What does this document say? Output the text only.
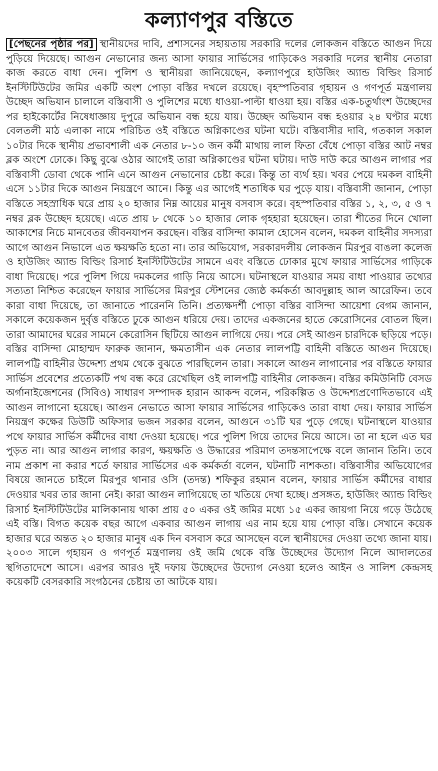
কল্যাণপুর বস্তিতে

[পেছনের পৃষ্ঠার পর] স্থানীয়দের দাবি, প্রশাসনের সহায়তায় সরকারি দলের লোকজন বস্তিতে আগুন দিয়ে পুড়িয়ে দিয়েছে। আগুন নেভানোর জন্য আসা ফায়ার সার্ভিসের গাড়িকেও সরকারি দলের স্থানীয় নেতারা কাজ করতে বাধা দেন। পুলিশ ও স্থানীয়রা জানিয়েছেন, কল্যাণপুরে হাউজিং অ্যান্ড বিল্ডিং রিসার্চ ইনস্টিটিউটের জমির একটি অংশ পোড়া বস্তির দখলে রয়েছে। বৃহস্পতিবার গৃহায়ন ও গণপূর্ত মন্ত্রণালয় উচ্ছেদ অভিযান চালালে বস্তিবাসী ও পুলিশের মধ্যে ধাওয়া-পাল্টা ধাওয়া হয়। বস্তির এক-চতুর্থাংশ উচ্ছেদের পর হাইকোর্টের নিষেধাজ্ঞায় দুপুরে অভিযান বন্ধ হয়ে যায়। উচ্ছেদ অভিযান বন্ধ হওয়ার ২৪ ঘণ্টার মধ্যে বেলতলী মাঠ এলাকা নামে পরিচিত ওই বস্তিতে অগ্নিকাণ্ডের ঘটনা ঘটে। বস্তিবাসীর দাবি, গতকাল সকাল ১০টার দিকে স্থানীয় প্রভাবশালী এক নেতার ৮-১০ জন কর্মী মাথায় লাল ফিতা বেঁধে পোড়া বস্তির আট নম্বর ব্লক অংশে ঢোকে। কিছু বুঝে ওঠার আগেই তারা অগ্নিকাণ্ডের ঘটনা ঘটায়। দাউ দাউ করে আগুন লাগার পর বস্তিবাসী ডোবা থেকে পানি এনে আগুন নেভানোর চেষ্টা করে। কিন্তু তা ব্যর্থ হয়। খবর পেয়ে দমকল বাহিনী এসে ১১টার দিকে আগুন নিয়ন্ত্রণে আনে। কিন্তু এর আগেই শতাধিক ঘর পুড়ে যায়। বস্তিবাসী জানান, পোড়া বস্তিতে সহস্রাধিক ঘরে প্রায় ২০ হাজার নিম্ন আয়ের মানুষ বসবাস করে। বৃহস্পতিবার বস্তির ১, ২, ৩, ৫ ও ৭ নম্বর ব্লক উচ্ছেদ হয়েছে। এতে প্রায় ৮ থেকে ১০ হাজার লোক গৃহহারা হয়েছেন। তারা শীতের দিনে খোলা আকাশের নিচে মানবেতর জীবনযাপন করছেন। বস্তির বাসিন্দা কামাল হোসেন বলেন, দমকল বাহিনীর সদস্যরা আগে আগুন নিভালে এত ক্ষয়ক্ষতি হতো না। তার অভিযোগ, সরকারদলীয় লোকজন মিরপুর বাঙলা কলেজ ও হাউজিং অ্যান্ড বিল্ডিং রিসার্চ ইনস্টিটিউটের সামনে এবং বস্তিতে ঢোকার মুখে ফায়ার সার্ভিসের গাড়িকে বাধা দিয়েছে। পরে পুলিশ গিয়ে দমকলের গাড়ি নিয়ে আসে। ঘটনাস্থলে যাওয়ার সময় বাধা পাওয়ার তথ্যের সত্যতা নিশ্চিত করেছেন ফায়ার সার্ভিসের মিরপুর স্টেশনের জ্যেষ্ঠ কর্মকর্তা আবদুল্লাহ আল আরেফিন। তবে কারা বাধা দিয়েছে, তা জানাতে পারেননি তিনি। প্রত্যক্ষদর্শী পোড়া বস্তির বাসিন্দা আয়েশা বেগম জানান, সকালে কয়েকজন দুর্বৃত্ত বস্তিতে ঢুকে আগুন ধরিয়ে দেয়। তাদের একজনের হাতে কেরোসিনের বোতল ছিল। তারা আমাদের ঘরের সামনে কেরোসিন ছিটিয়ে আগুন লাগিয়ে দেয়। পরে সেই আগুন চারদিকে ছড়িয়ে পড়ে। বস্তির বাসিন্দা মোহাম্মদ ফারুক জানান, ক্ষমতাসীন এক নেতার লালপট্টি বাহিনী বস্তিতে আগুন দিয়েছে। লালপট্টি বাহিনীর উদ্দেশ্য প্রথম থেকে বুঝতে পারছিলেন তারা। সকালে আগুন লাগানোর পর বস্তিতে ফায়ার সার্ভিস প্রবেশের প্রত্যেকটি পথ বন্ধ করে রেখেছিল ওই লালপট্টি বাহিনীর লোকজন। বস্তির কমিউনিটি বেসড অর্গানাইজেশনের (সিবিও) সাধারণ সম্পাদক হারান আকন্দ বলেন, পরিকল্পিত ও উদ্দেশ্যপ্রণোদিতভাবে এই আগুন লাগানো হয়েছে। আগুন নেভাতে আসা ফায়ার সার্ভিসের গাড়িকেও তারা বাধা দেয়। ফায়ার সার্ভিস নিয়ন্ত্রণ কক্ষের ডিউটি অফিসার ভজন সরকার বলেন, আগুনে ৩১টি ঘর পুড়ে গেছে। ঘটনাস্থলে যাওয়ার পথে ফায়ার সার্ভিস কর্মীদের বাধা দেওয়া হয়েছে। পরে পুলিশ গিয়ে তাদের নিয়ে আসে। তা না হলে এত ঘর পুড়ত না। আর আগুন লাগার কারণ, ক্ষয়ক্ষতি ও উদ্ধারের পরিমাণ তদন্তসাপেক্ষে বলে জানান তিনি। তবে নাম প্রকাশ না করার শর্তে ফায়ার সার্ভিসের এক কর্মকর্তা বলেন, ঘটনাটি নাশকতা। বস্তিবাসীর অভিযোগের বিষয়ে জানতে চাইলে মিরপুর থানার ওসি (তদন্ত) শফিকুর রহমান বলেন, ফায়ার সার্ভিস কর্মীদের বাধার দেওয়ার খবর তার জানা নেই। কারা আগুন লাগিয়েছে তা খতিয়ে দেখা হচ্ছে। প্রসঙ্গত, হাউজিং অ্যান্ড বিল্ডিং রিসার্চ ইনস্টিটিউটের মালিকানায় থাকা প্রায় ৫০ একর ওই জমির মধ্যে ১৫ একর জায়গা নিয়ে গড়ে উঠেছে এই বস্তি। বিগত কয়েক বছর আগে একবার আগুন লাগায় এর নাম হয়ে যায় পোড়া বস্তি। সেখানে কয়েক হাজার ঘরে অন্তত ২০ হাজার মানুষ এক দিন বসবাস করে আসছেন বলে স্থানীয়দের দেওয়া তথ্যে জানা যায়। ২০০৩ সালে গৃহায়ন ও গণপূর্ত মন্ত্রণালয় ওই জমি থেকে বস্তি উচ্ছেদের উদ্যোগ নিলে আদালতের স্থগিতাদেশে আসে। এরপর আরও দুই দফায় উচ্ছেদের উদ্যোগ নেওয়া হলেও আইন ও সালিশ কেন্দ্রসহ কয়েকটি বেসরকারি সংগঠনের চেষ্টায় তা আটকে যায়।
